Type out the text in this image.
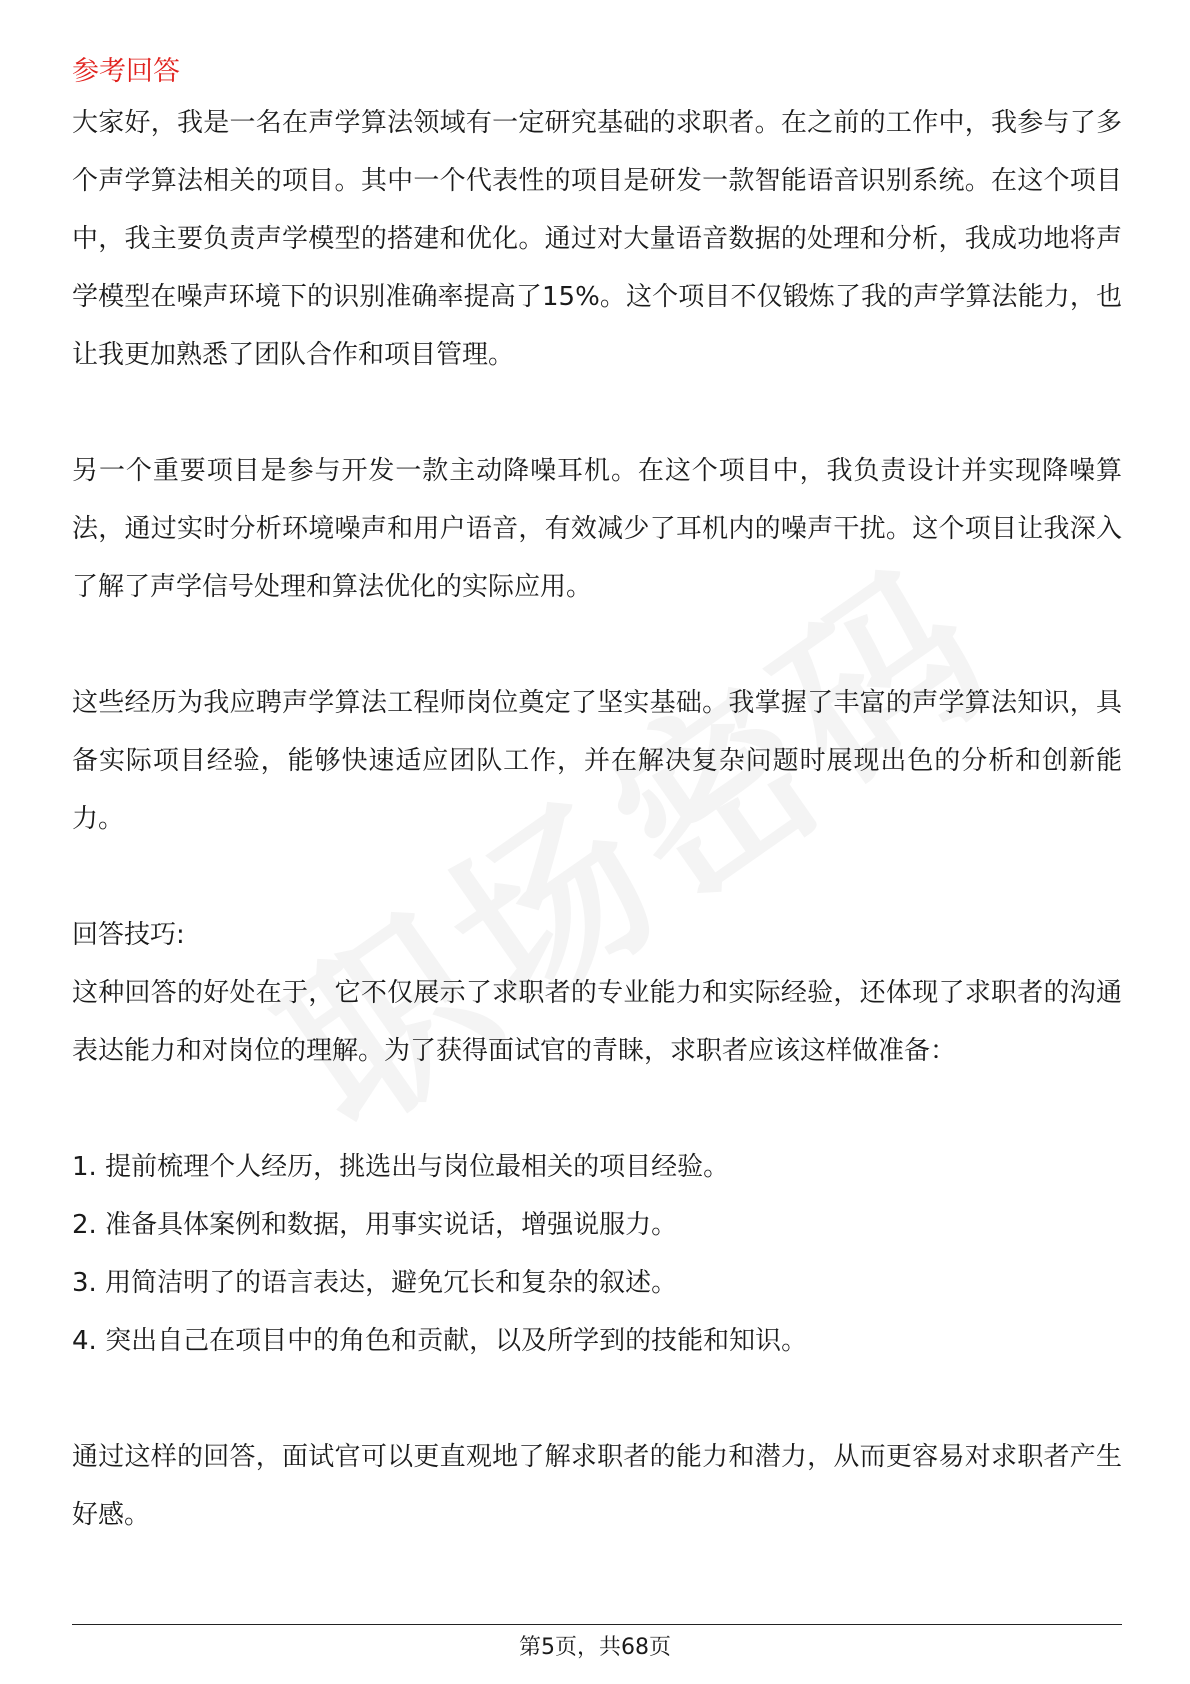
参考回答

大家好，我是一名在声学算法领域有一定研究基础的求职者。在之前的工作中，我参与了多个声学算法相关的项目。其中一个代表性的项目是研发一款智能语音识别系统。在这个项目中，我主要负责声学模型的搭建和优化。通过对大量语音数据的处理和分析，我成功地将声学模型在噪声环境下的识别准确率提高了15%。这个项目不仅锻炼了我的声学算法能力，也让我更加熟悉了团队合作和项目管理。

另一个重要项目是参与开发一款主动降噪耳机。在这个项目中，我负责设计并实现降噪算法，通过实时分析环境噪声和用户语音，有效减少了耳机内的噪声干扰。这个项目让我深入了解了声学信号处理和算法优化的实际应用。

这些经历为我应聘声学算法工程师岗位奠定了坚实基础。我掌握了丰富的声学算法知识，具备实际项目经验，能够快速适应团队工作，并在解决复杂问题时展现出色的分析和创新能力。

回答技巧:

这种回答的好处在于，它不仅展示了求职者的专业能力和实际经验，还体现了求职者的沟通表达能力和对岗位的理解。为了获得面试官的青睐，求职者应该这样做准备：

1. 提前梳理个人经历，挑选出与岗位最相关的项目经验。
2. 准备具体案例和数据，用事实说话，增强说服力。
3. 用简洁明了的语言表达，避免冗长和复杂的叙述。
4. 突出自己在项目中的角色和贡献，以及所学到的技能和知识。

通过这样的回答，面试官可以更直观地了解求职者的能力和潜力，从而更容易对求职者产生好感。

第5页，共68页
